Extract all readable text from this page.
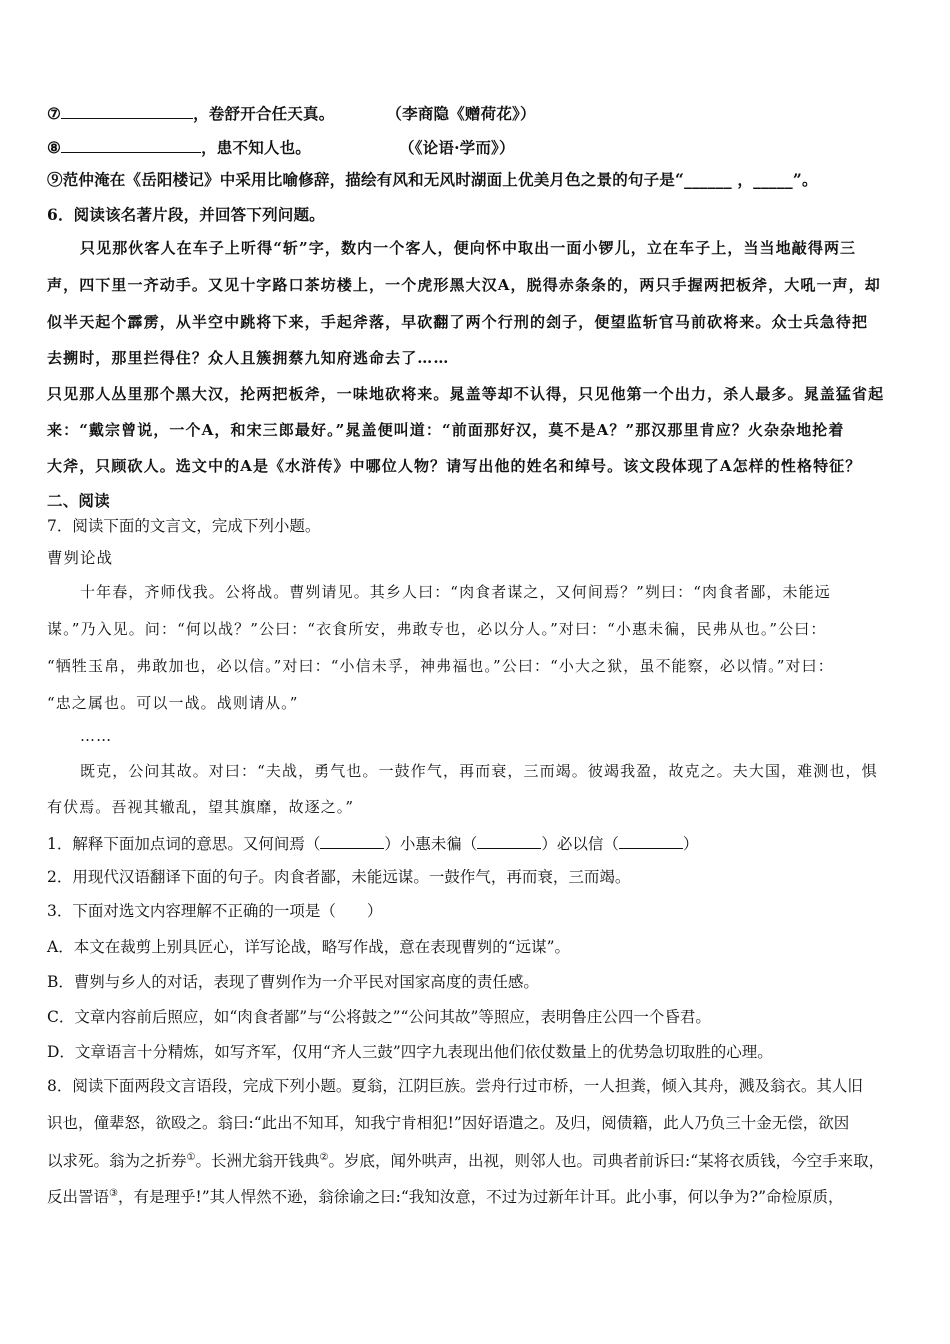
⑦	，卷舒开合任天真。	（李商隐《赠荷花》）
⑧	，患不知人也。	（《论语·学而》）
⑨范仲淹在《岳阳楼记》中采用比喻修辞，描绘有风和无风时湖面上优美月色之景的句子是“______ ，_____”。
6．阅读该名著片段，并回答下列问题。
只见那伙客人在车子上听得“斩”字，数内一个客人，便向怀中取出一面小锣儿，立在车子上，当当地敲得两三
声，四下里一齐动手。又见十字路口茶坊楼上，一个虎形黑大汉A，脱得赤条条的，两只手握两把板斧，大吼一声，却
似半天起个霹雳，从半空中跳将下来，手起斧落，早砍翻了两个行刑的刽子，便望监斩官马前砍将来。众士兵急待把
去搠时，那里拦得住？众人且簇拥蔡九知府逃命去了……
只见那人丛里那个黑大汉，抡两把板斧，一味地砍将来。晁盖等却不认得，只见他第一个出力，杀人最多。晁盖猛省起
来：“戴宗曾说，一个A，和宋三郎最好。”晁盖便叫道：“前面那好汉，莫不是A？”那汉那里肯应？火杂杂地抡着
大斧，只顾砍人。选文中的A是《水浒传》中哪位人物？请写出他的姓名和绰号。该文段体现了A怎样的性格特征？
二、阅读
7．阅读下面的文言文，完成下列小题。
曹刿论战
十年春，齐师伐我。公将战。曹刿请见。其乡人曰：“肉食者谋之，又何间焉？”刿曰：“肉食者鄙，未能远
谋。”乃入见。问：“何以战？”公曰：“衣食所安，弗敢专也，必以分人。”对曰：“小惠未徧，民弗从也。”公曰：
“牺牲玉帛，弗敢加也，必以信。”对曰：“小信未孚，神弗福也。”公曰：“小大之狱，虽不能察，必以情。”对曰：
“忠之属也。可以一战。战则请从。”
……
既克，公问其故。对曰：“夫战，勇气也。一鼓作气，再而衰，三而竭。彼竭我盈，故克之。夫大国，难测也，惧
有伏焉。吾视其辙乱，望其旗靡，故逐之。”
1．解释下面加点词的意思。又何间焉（	）小惠未徧（	）必以信（	）
2．用现代汉语翻译下面的句子。肉食者鄙，未能远谋。一鼓作气，再而衰，三而竭。
3．下面对选文内容理解不正确的一项是（　　）
A．本文在裁剪上别具匠心，详写论战，略写作战，意在表现曹刿的“远谋”。
B．曹刿与乡人的对话，表现了曹刿作为一介平民对国家高度的责任感。
C．文章内容前后照应，如“肉食者鄙”与“公将鼓之”“公问其故”等照应，表明鲁庄公四一个昏君。
D．文章语言十分精炼，如写齐军，仅用“齐人三鼓”四字九表现出他们依仗数量上的优势急切取胜的心理。
8．阅读下面两段文言语段，完成下列小题。夏翁，江阴巨族。尝舟行过市桥，一人担粪，倾入其舟，溅及翁衣。其人旧
识也，僮辈怒，欲殴之。翁曰:“此出不知耳，知我宁肯相犯!”因好语遣之。及归，阅债籍，此人乃负三十金无偿，欲因
以求死。翁为之折券①。长洲尤翁开钱典②。岁底，闻外哄声，出视，则邻人也。司典者前诉曰:“某将衣质钱，今空手来取，
反出詈语③，有是理乎!”其人悍然不逊，翁徐谕之曰:“我知汝意，不过为过新年计耳。此小事，何以争为?”命检原质，
